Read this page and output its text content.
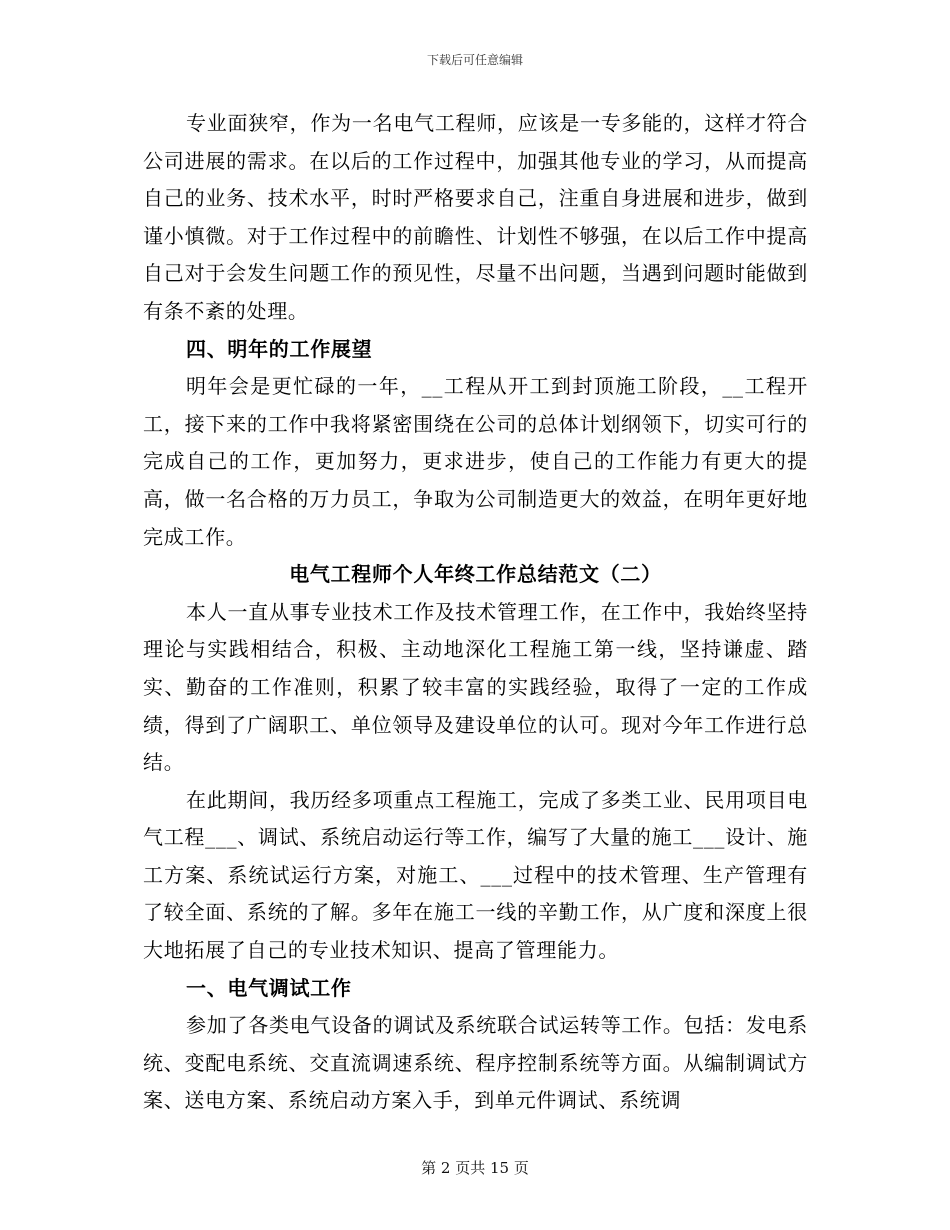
下载后可任意编辑

专业面狭窄，作为一名电气工程师，应该是一专多能的，这样才符合公司进展的需求。在以后的工作过程中，加强其他专业的学习，从而提高自己的业务、技术水平，时时严格要求自己，注重自身进展和进步，做到谨小慎微。对于工作过程中的前瞻性、计划性不够强，在以后工作中提高自己对于会发生问题工作的预见性，尽量不出问题，当遇到问题时能做到有条不紊的处理。

四、明年的工作展望

明年会是更忙碌的一年，__工程从开工到封顶施工阶段，__工程开工，接下来的工作中我将紧密围绕在公司的总体计划纲领下，切实可行的完成自己的工作，更加努力，更求进步，使自己的工作能力有更大的提高，做一名合格的万力员工，争取为公司制造更大的效益，在明年更好地完成工作。

电气工程师个人年终工作总结范文（二）

本人一直从事专业技术工作及技术管理工作，在工作中，我始终坚持理论与实践相结合，积极、主动地深化工程施工第一线，坚持谦虚、踏实、勤奋的工作准则，积累了较丰富的实践经验，取得了一定的工作成绩，得到了广阔职工、单位领导及建设单位的认可。现对今年工作进行总结。

在此期间，我历经多项重点工程施工，完成了多类工业、民用项目电气工程___、调试、系统启动运行等工作，编写了大量的施工___设计、施工方案、系统试运行方案，对施工、___过程中的技术管理、生产管理有了较全面、系统的了解。多年在施工一线的辛勤工作，从广度和深度上很大地拓展了自己的专业技术知识、提高了管理能力。

一、电气调试工作

参加了各类电气设备的调试及系统联合试运转等工作。包括：发电系统、变配电系统、交直流调速系统、程序控制系统等方面。从编制调试方案、送电方案、系统启动方案入手，到单元件调试、系统调

第 2 页共 15 页
